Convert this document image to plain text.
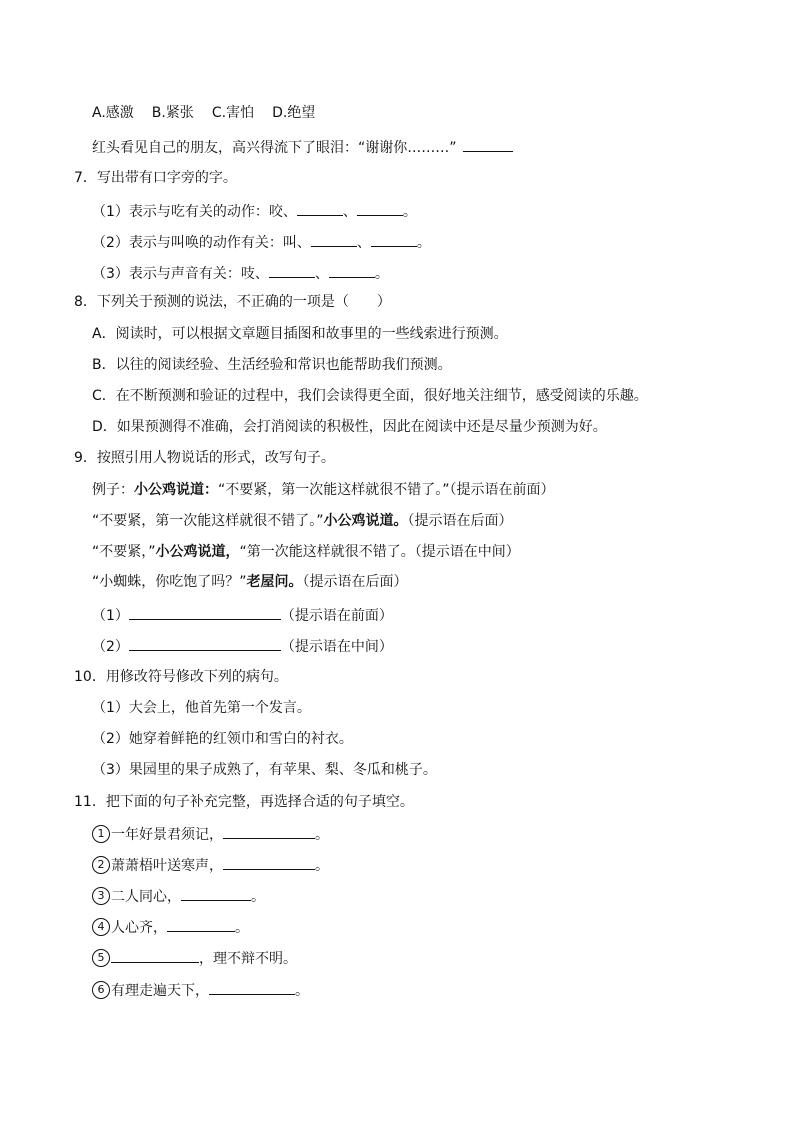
A.感激 B.紧张 C.害怕 D.绝望
红头看见自己的朋友，高兴得流下了眼泪：“谢谢你………”
7．写出带有口字旁的字。
（1）表示与吃有关的动作：咬、	、	。
（2）表示与叫唤的动作有关：叫、	、	。
（3）表示与声音有关：吱、	、	。
8．下列关于预测的说法，不正确的一项是（　　）
A．阅读时，可以根据文章题目插图和故事里的一些线索进行预测。
B．以往的阅读经验、生活经验和常识也能帮助我们预测。
C．在不断预测和验证的过程中，我们会读得更全面，很好地关注细节，感受阅读的乐趣。
D．如果预测得不准确，会打消阅读的积极性，因此在阅读中还是尽量少预测为好。
9．按照引用人物说话的形式，改写句子。
例子：小公鸡说道：“不要紧，第一次能这样就很不错了。”（提示语在前面）
“不要紧，第一次能这样就很不错了。”小公鸡说道。（提示语在后面）
“不要紧，”小公鸡说道，“第一次能这样就很不错了。（提示语在中间）
“小蜘蛛，你吃饱了吗？”老屋问。（提示语在后面）
（1）	（提示语在前面）
（2）	（提示语在中间）
10．用修改符号修改下列的病句。
（1）大会上，他首先第一个发言。
（2）她穿着鲜艳的红领巾和雪白的衬衣。
（3）果园里的果子成熟了，有苹果、梨、冬瓜和桃子。
11．把下面的句子补充完整，再选择合适的句子填空。
1 一年好景君须记，	。
2 萧萧梧叶送寒声，	。
3 二人同心，	。
4 人心齐，	。
5	，理不辩不明。
6 有理走遍天下，	。
